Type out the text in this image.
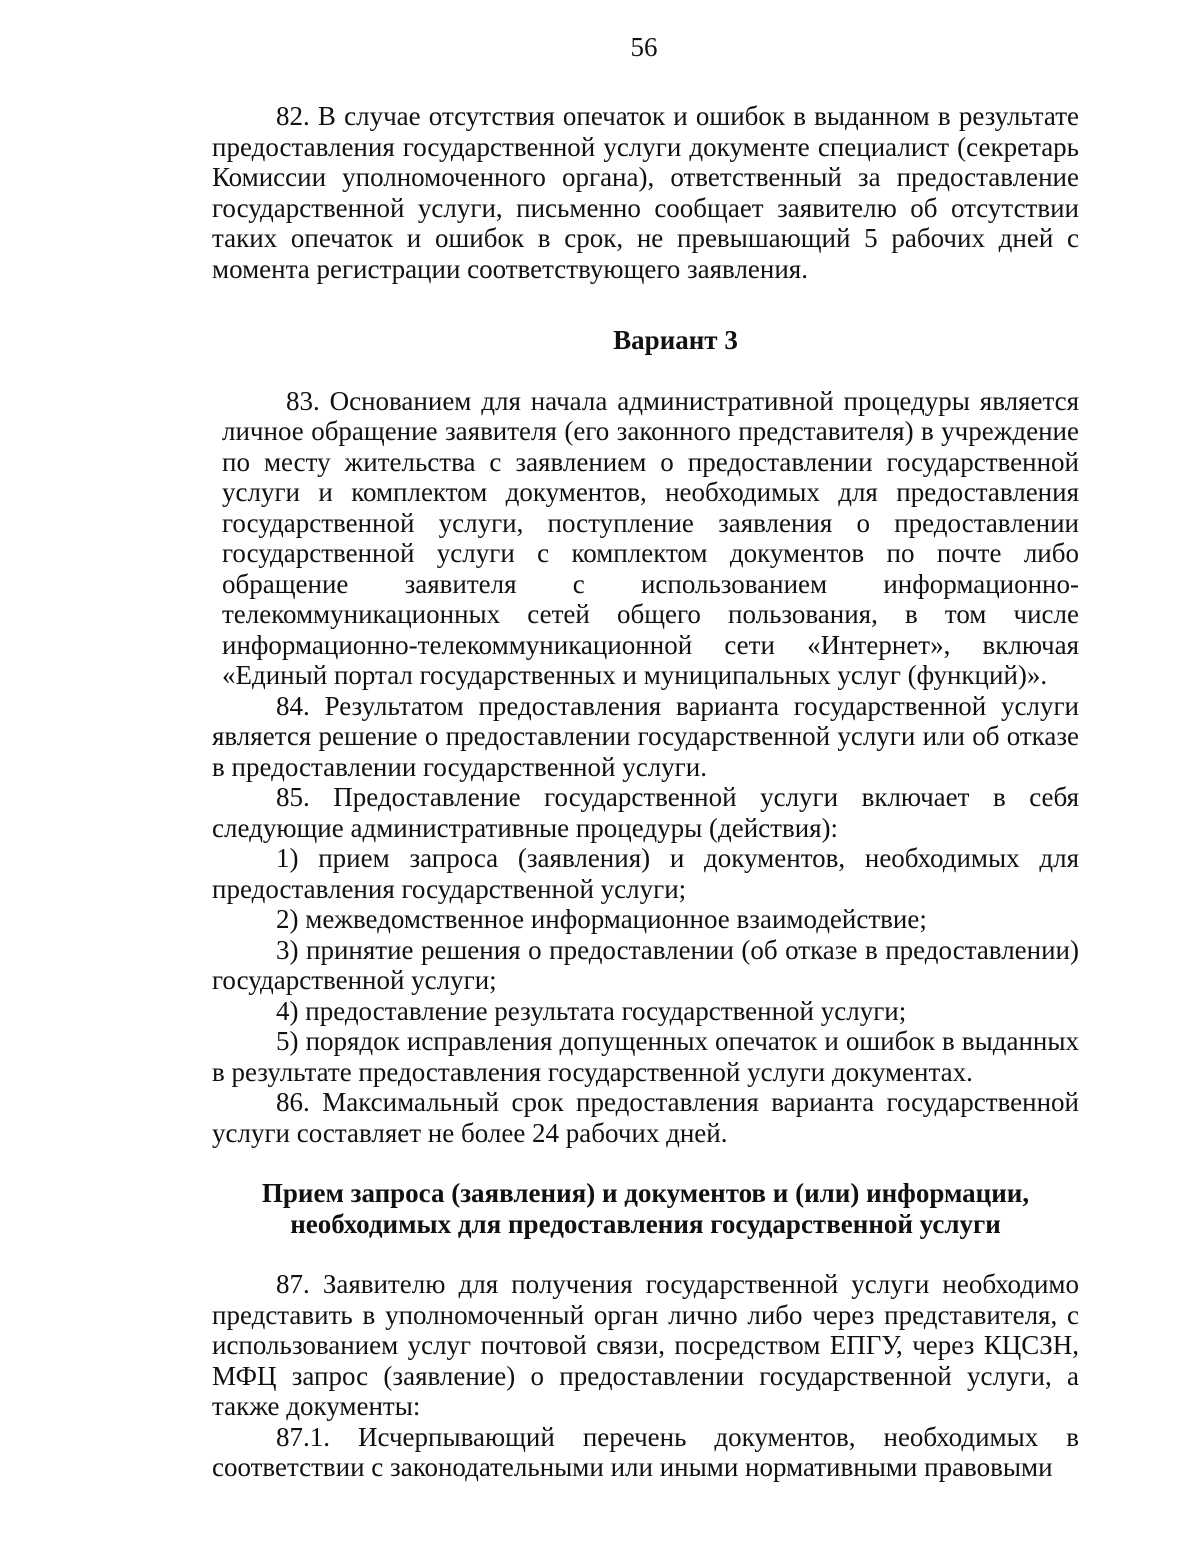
56

82. В случае отсутствия опечаток и ошибок в выданном в результате предоставления государственной услуги документе специалист (секретарь Комиссии уполномоченного органа), ответственный за предоставление государственной услуги, письменно сообщает заявителю об отсутствии таких опечаток и ошибок в срок, не превышающий 5 рабочих дней с момента регистрации соответствующего заявления.

Вариант 3

83. Основанием для начала административной процедуры является личное обращение заявителя (его законного представителя) в учреждение по месту жительства с заявлением о предоставлении государственной услуги и комплектом документов, необходимых для предоставления государственной услуги, поступление заявления о предоставлении государственной услуги с комплектом документов по почте либо обращение заявителя с использованием информационно-телекоммуникационных сетей общего пользования, в том числе информационно-телекоммуникационной сети «Интернет», включая «Единый портал государственных и муниципальных услуг (функций)».

84. Результатом предоставления варианта государственной услуги является решение о предоставлении государственной услуги или об отказе в предоставлении государственной услуги.

85. Предоставление государственной услуги включает в себя следующие административные процедуры (действия):

1) прием запроса (заявления) и документов, необходимых для предоставления государственной услуги;

2) межведомственное информационное взаимодействие;

3) принятие решения о предоставлении (об отказе в предоставлении) государственной услуги;

4) предоставление результата государственной услуги;

5) порядок исправления допущенных опечаток и ошибок в выданных в результате предоставления государственной услуги документах.

86. Максимальный срок предоставления варианта государственной услуги составляет не более 24 рабочих дней.

Прием запроса (заявления) и документов и (или) информации,

необходимых для предоставления государственной услуги

87. Заявителю для получения государственной услуги необходимо представить в уполномоченный орган лично либо через представителя, с использованием услуг почтовой связи, посредством ЕПГУ, через КЦСЗН, МФЦ запрос (заявление) о предоставлении государственной услуги, а также документы:

87.1. Исчерпывающий перечень документов, необходимых в соответствии с законодательными или иными нормативными правовыми
